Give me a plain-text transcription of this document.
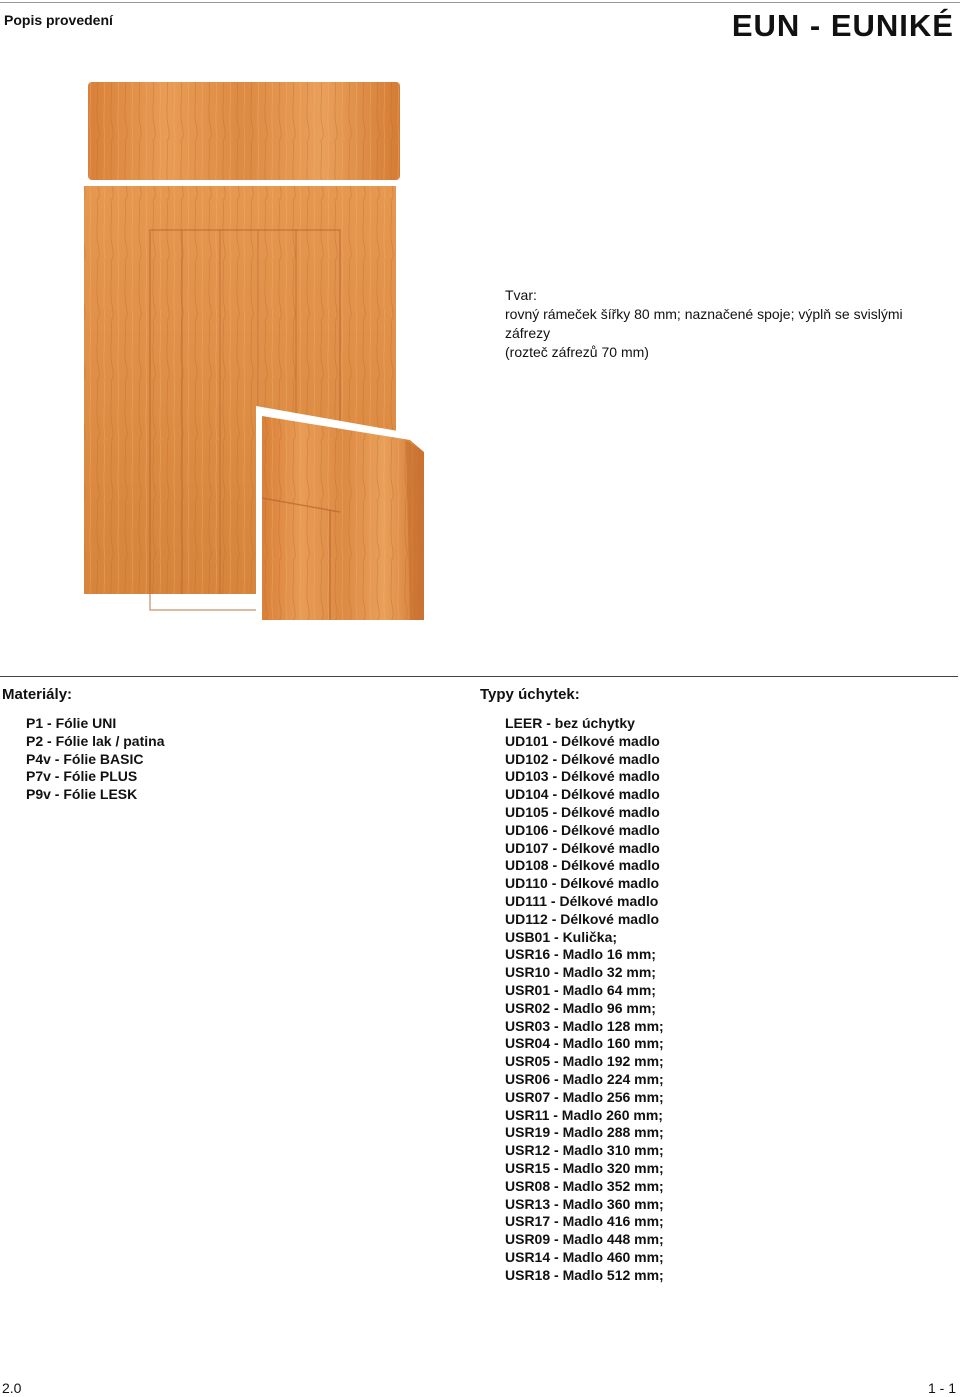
Popis provedení	EUN - EUNIKÉ
Tvar:
rovný rámeček šířky 80 mm; naznačené spoje; výplň se svislými záfrezy
(rozteč záfrezů 70 mm)
Materiály:
P1 - Fólie UNI
P2 - Fólie lak / patina
P4v - Fólie BASIC
P7v - Fólie PLUS
P9v - Fólie LESK
Typy úchytek:
LEER - bez úchytky
UD101 - Délkové madlo
UD102 - Délkové madlo
UD103 - Délkové madlo
UD104 - Délkové madlo
UD105 - Délkové madlo
UD106 - Délkové madlo
UD107 - Délkové madlo
UD108 - Délkové madlo
UD110 - Délkové madlo
UD111 - Délkové madlo
UD112 - Délkové madlo
USB01 - Kulička;
USR16 - Madlo 16 mm;
USR10 - Madlo 32 mm;
USR01 - Madlo 64 mm;
USR02 - Madlo 96 mm;
USR03 - Madlo 128 mm;
USR04 - Madlo 160 mm;
USR05 - Madlo 192 mm;
USR06 - Madlo 224 mm;
USR07 - Madlo 256 mm;
USR11 - Madlo 260 mm;
USR19 - Madlo 288 mm;
USR12 - Madlo 310 mm;
USR15 - Madlo 320 mm;
USR08 - Madlo 352 mm;
USR13 - Madlo 360 mm;
USR17 - Madlo 416 mm;
USR09 - Madlo 448 mm;
USR14 - Madlo 460 mm;
USR18 - Madlo 512 mm;
2.0	1 - 1
